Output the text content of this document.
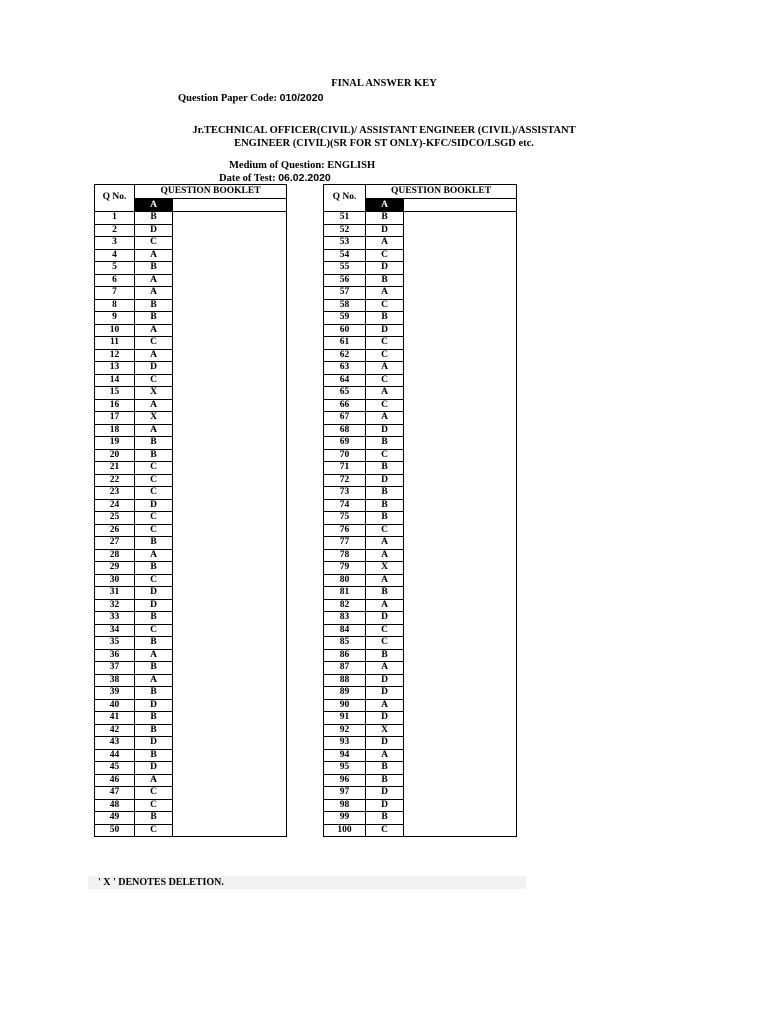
FINAL ANSWER KEY
Question Paper Code: 010/2020
Jr.TECHNICAL OFFICER(CIVIL)/ ASSISTANT ENGINEER (CIVIL)/ASSISTANT
ENGINEER (CIVIL)(SR FOR ST ONLY)-KFC/SIDCO/LSGD etc.
Medium of Question: ENGLISH
Date of Test: 06.02.2020
Q No.	QUESTION BOOKLET	
	A	
1	B	
2	D	
3	C	
4	A	
5	B	
6	A	
7	A	
8	B	
9	B	
10	A	
11	C	
12	A	
13	D	
14	C	
15	X	
16	A	
17	X	
18	A	
19	B	
20	B	
21	C	
22	C	
23	C	
24	D	
25	C	
26	C	
27	B	
28	A	
29	B	
30	C	
31	D	
32	D	
33	B	
34	C	
35	B	
36	A	
37	B	
38	A	
39	B	
40	D	
41	B	
42	B	
43	D	
44	B	
45	D	
46	A	
47	C	
48	C	
49	B	
50	C	
Q No.	QUESTION BOOKLET	
	A	
51	B	
52	D	
53	A	
54	C	
55	D	
56	B	
57	A	
58	C	
59	B	
60	D	
61	C	
62	C	
63	A	
64	C	
65	A	
66	C	
67	A	
68	D	
69	B	
70	C	
71	B	
72	D	
73	B	
74	B	
75	B	
76	C	
77	A	
78	A	
79	X	
80	A	
81	B	
82	A	
83	D	
84	C	
85	C	
86	B	
87	A	
88	D	
89	D	
90	A	
91	D	
92	X	
93	D	
94	A	
95	B	
96	B	
97	D	
98	D	
99	B	
100	C	
' X ' DENOTES DELETION.
